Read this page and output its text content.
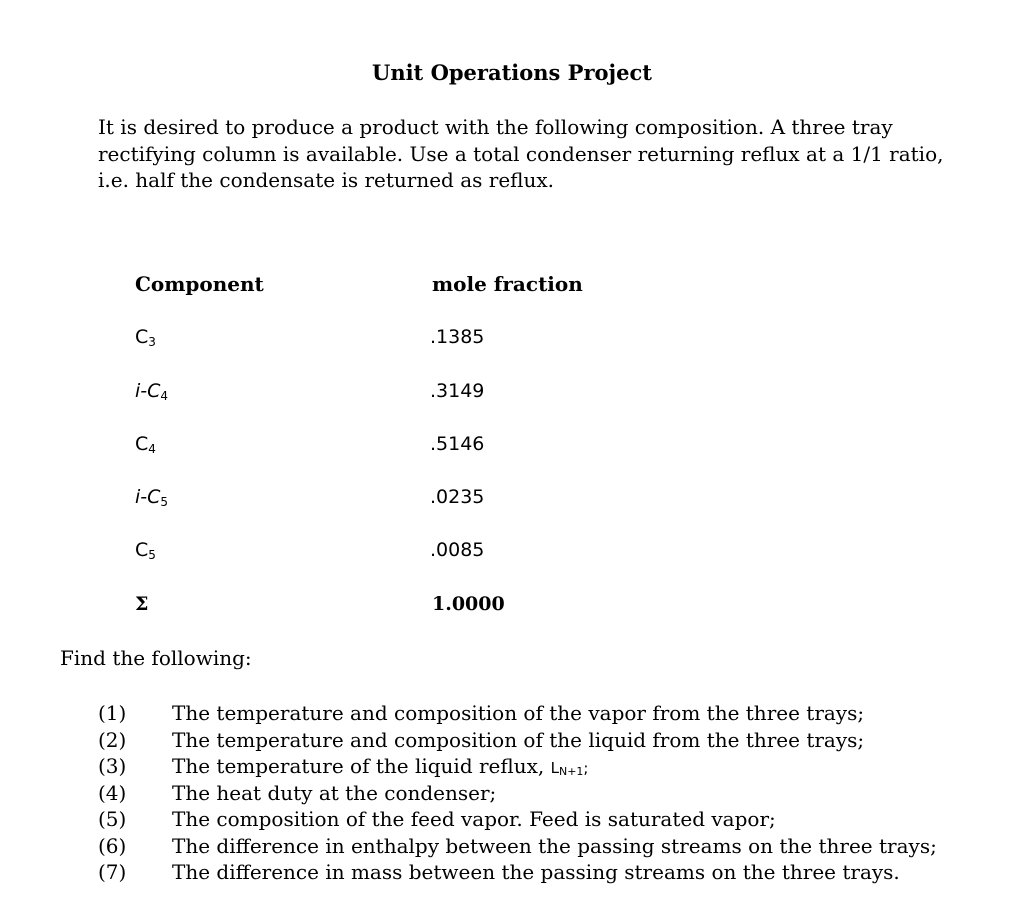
Unit Operations Project
It is desired to produce a product with the following composition. A three tray rectifying column is available. Use a total condenser returning reflux at a 1/1 ratio, i.e. half the condensate is returned as reflux.
Component	mole fraction
$C_3$	.1385
$i-C_4$	.3149
$C_4$	.5146
$i-C_5$	.0235
$C_5$	.0085
Σ	1.0000
Find the following:
(1) The temperature and composition of the vapor from the three trays;
(2) The temperature and composition of the liquid from the three trays;
(3) The temperature of the liquid reflux, $L_{N+1}$;
(4) The heat duty at the condenser;
(5) The composition of the feed vapor. Feed is saturated vapor;
(6) The difference in enthalpy between the passing streams on the three trays;
(7) The difference in mass between the passing streams on the three trays.
